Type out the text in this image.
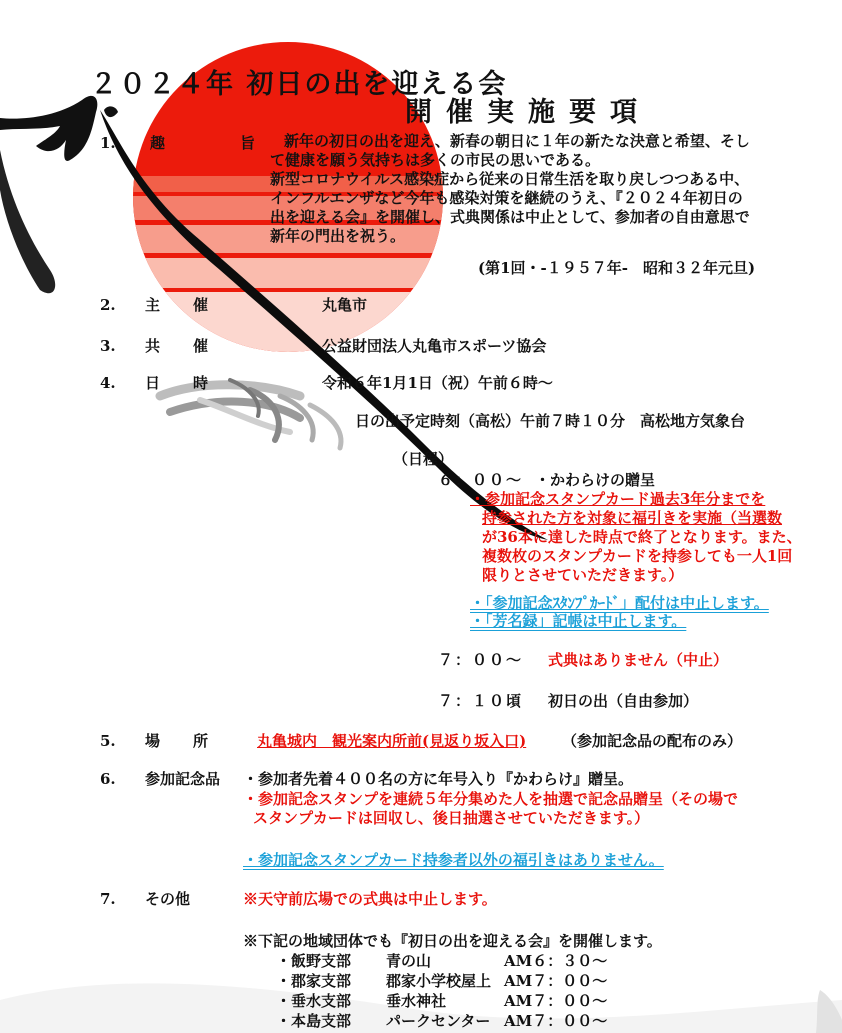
２０２４年 初日の出を迎える会
開催実施要項
1. 趣　旨
新年の初日の出を迎え、新春の朝日に１年の新たな決意と希望、そし
て健康を願う気持ちは多くの市民の思いである。
新型コロナウイルス感染症から従来の日常生活を取り戻しつつある中、
インフルエンザなど今年も感染対策を継続のうえ、『２０２４年初日の
出を迎える会』を開催し、式典関係は中止として、参加者の自由意思で
新年の門出を祝う。
(第1回・-１９５７年-　昭和３２年元旦)
2. 主 催	丸亀市
3. 共 催	公益財団法人丸亀市スポーツ協会
4. 日 時	令和６年1月1日（祝）午前６時～
日の出予定時刻（高松）午前７時１０分　高松地方気象台
（日程）
６：００～ ・かわらけの贈呈
・参加記念スタンプカード過去3年分までを
持参された方を対象に福引きを実施（当選数
が36本に達した時点で終了となります。また、
複数枚のスタンプカードを持参しても一人1回
限りとさせていただきます。）
・「参加記念ｽﾀﾝﾌﾟｶｰﾄﾞ」配付は中止します。
・「芳名録」記帳は中止します。
７：００～ 式典はありません（中止）
７：１０頃 初日の出（自由参加）
5. 場 所	丸亀城内　観光案内所前(見返り坂入口) （参加記念品の配布のみ）
6. 参加記念品 ・参加者先着４００名の方に年号入り『かわらけ』贈呈。
・参加記念スタンプを連続５年分集めた人を抽選で記念品贈呈（その場で
スタンプカードは回収し、後日抽選させていただきます。）
・参加記念スタンプカード持参者以外の福引きはありません。
7. その他	※天守前広場での式典は中止します。
※下記の地域団体でも『初日の出を迎える会』を開催します。
・飯野支部 青の山	AM６：３０～
・郡家支部 郡家小学校屋上 AM７：００～
・垂水支部 垂水神社	AM７：００～
・本島支部 パークセンター AM７：００～
